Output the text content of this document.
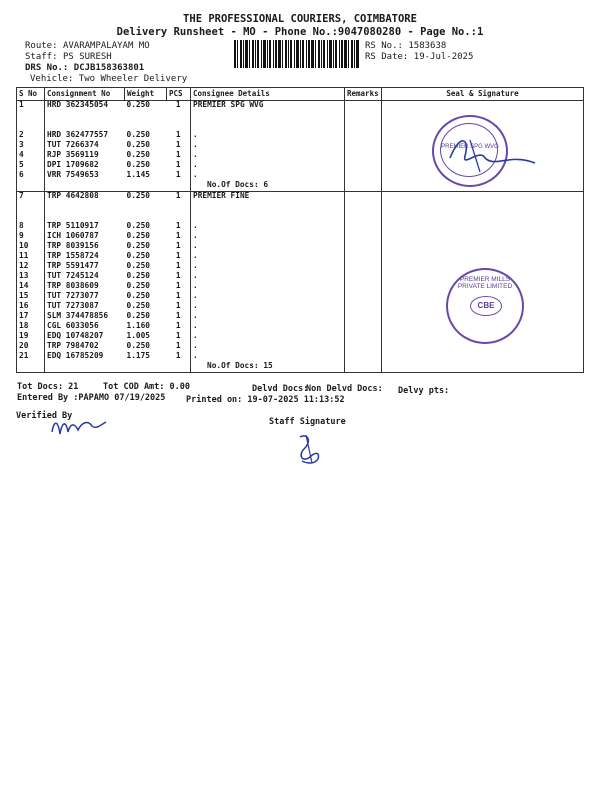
THE PROFESSIONAL COURIERS, COIMBATORE
Delivery Runsheet - MO - Phone No.:9047080280 - Page No.:1
Route: AVARAMPALAYAM MO
Staff: PS SURESH
DRS No.: DCJB158363801
Vehicle: Two Wheeler Delivery
RS No.: 1583638
RS Date: 19-Jul-2025
S No	Consignment No	Weight	PCS	Consignee Details	Remarks	Seal & Signature
1	HRD 362345054	0.250	1	PREMIER SPG WVG		

2	HRD 362477557	0.250	1	.		
3	TUT 7266374	0.250	1	.		
4	RJP 3569119	0.250	1	.		
5	DPI 1709682	0.250	1	.		
6	VRR 7549653	1.145	1	.		
				No.Of Docs: 6		
7	TRP 4642808	0.250	1	PREMIER FINE		

8	TRP 5110917	0.250	1	.		
9	ICH 1060787	0.250	1	.		
10	TRP 8039156	0.250	1	.		
11	TRP 1558724	0.250	1	.		
12	TRP 5591477	0.250	1	.		
13	TUT 7245124	0.250	1	.		
14	TRP 8038609	0.250	1	.		
15	TUT 7273077	0.250	1	.		
16	TUT 7273087	0.250	1	.		
17	SLM 374478856	0.250	1	.		
18	CGL 6033056	1.160	1	.		
19	EDQ 10748207	1.005	1	.		
20	TRP 7984702	0.250	1	.		
21	EDQ 16785209	1.175	1	.		
				No.Of Docs: 15		
PREMIER SPG WVG
PREMIER MILLS PRIVATE LIMITED
CBE
Tot Docs: 21	Tot COD Amt: 0.00	Delvd Docs:
Non Delvd Docs: Delvy pts:
Entered By :PAPAMO 07/19/2025 Printed on: 19-07-2025 11:13:52
Verified By
Staff Signature
